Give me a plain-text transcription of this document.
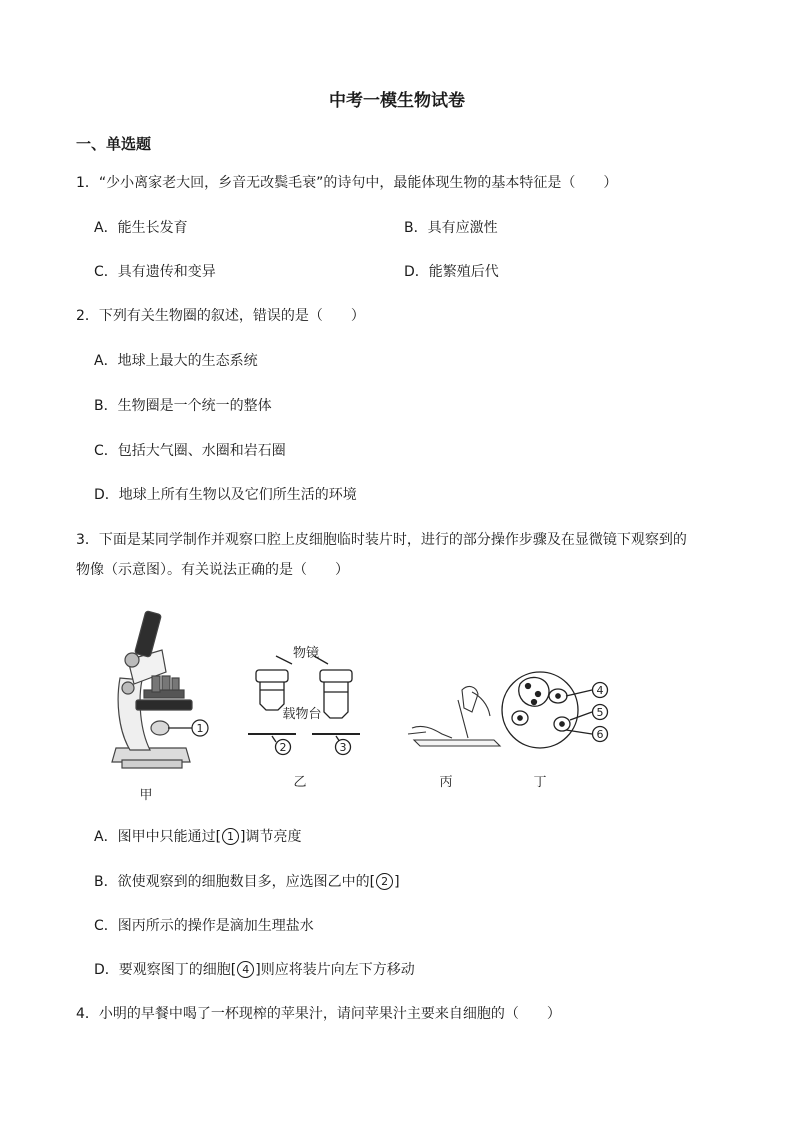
中考一模生物试卷
一、单选题
1．“少小离家老大回，乡音无改鬓毛衰”的诗句中，最能体现生物的基本特征是（　　）
A．能生长发育	B．具有应激性
C．具有遗传和变异	D．能繁殖后代
2．下列有关生物圈的叙述，错误的是（　　）
A．地球上最大的生态系统
B．生物圈是一个统一的整体
C．包括大气圈、水圈和岩石圈
D．地球上所有生物以及它们所生活的环境
3．下面是某同学制作并观察口腔上皮细胞临时装片时，进行的部分操作步骤及在显微镜下观察到的
物像（示意图）。有关说法正确的是（　　）
1
物镜
载物台
2	3
丙
4
5
6
甲
乙	丁
A．图甲中只能通过[ 1 ]调节亮度
B．欲使观察到的细胞数目多，应选图乙中的[ 2 ]
C．图丙所示的操作是滴加生理盐水
D．要观察图丁的细胞[ 4 ]则应将装片向左下方移动
4．小明的早餐中喝了一杯现榨的苹果汁，请问苹果汁主要来自细胞的（　　）
